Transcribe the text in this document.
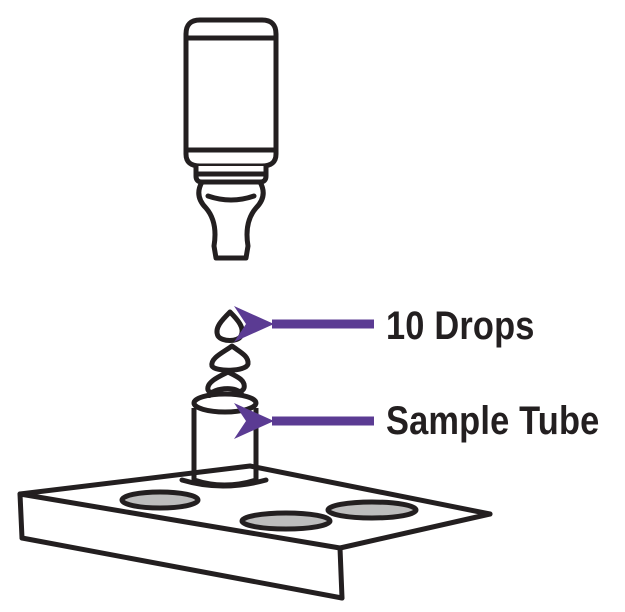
10 Drops
Sample Tube
